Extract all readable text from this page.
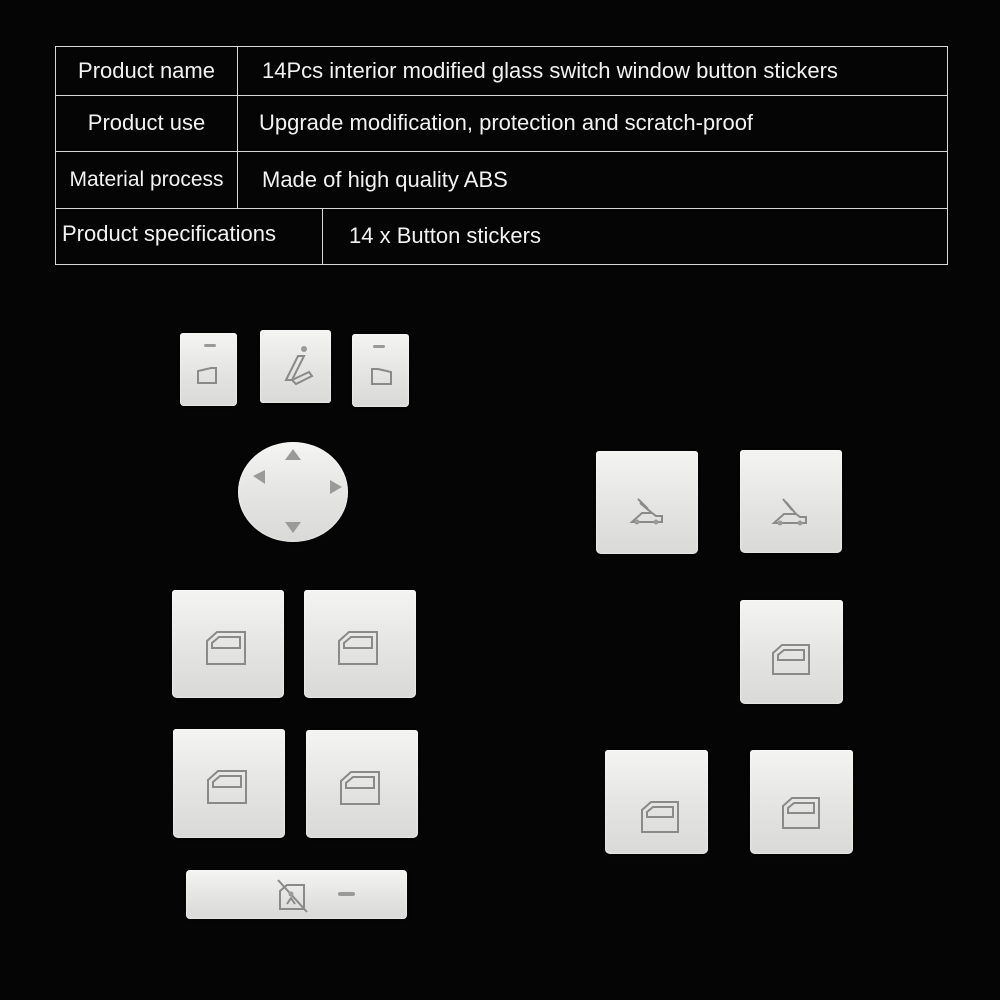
Product name	14Pcs interior modified glass switch window button stickers
Product use	Upgrade modification, protection and scratch-proof
Material process	Made of high quality ABS
Product specifications	14 x Button stickers
